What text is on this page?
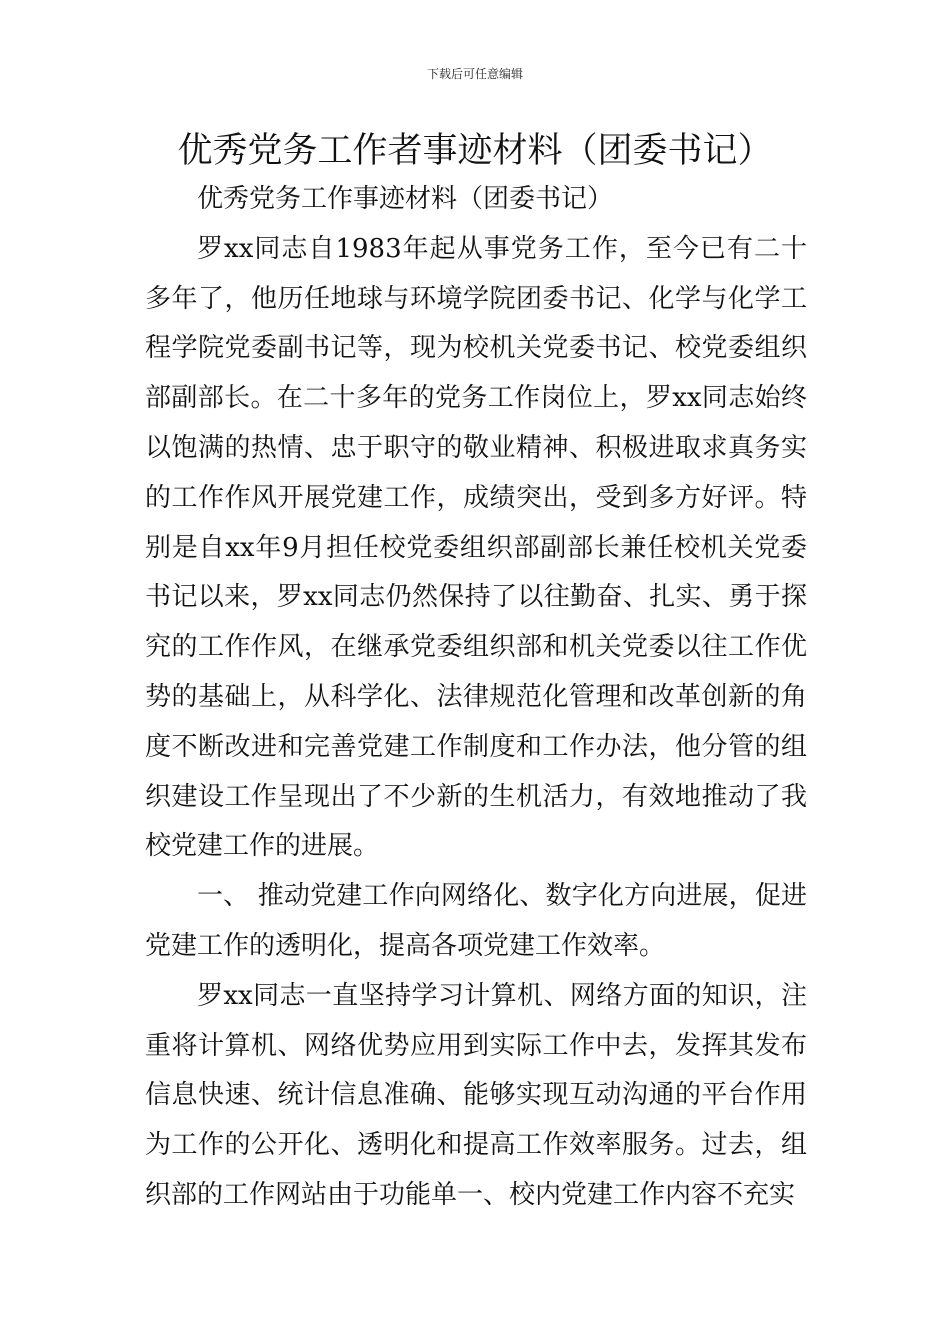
下载后可任意编辑
优秀党务工作者事迹材料（团委书记）

优秀党务工作事迹材料（团委书记）

罗xx同志自1983年起从事党务工作，至今已有二十多年了，他历任地球与环境学院团委书记、化学与化学工程学院党委副书记等，现为校机关党委书记、校党委组织部副部长。在二十多年的党务工作岗位上，罗xx同志始终以饱满的热情、忠于职守的敬业精神、积极进取求真务实的工作作风开展党建工作，成绩突出，受到多方好评。特别是自xx年9月担任校党委组织部副部长兼任校机关党委书记以来，罗xx同志仍然保持了以往勤奋、扎实、勇于探究的工作作风，在继承党委组织部和机关党委以往工作优势的基础上，从科学化、法律规范化管理和改革创新的角度不断改进和完善党建工作制度和工作办法，他分管的组织建设工作呈现出了不少新的生机活力，有效地推动了我校党建工作的进展。

一、 推动党建工作向网络化、数字化方向进展，促进党建工作的透明化，提高各项党建工作效率。

罗xx同志一直坚持学习计算机、网络方面的知识，注重将计算机、网络优势应用到实际工作中去，发挥其发布信息快速、统计信息准确、能够实现互动沟通的平台作用为工作的公开化、透明化和提高工作效率服务。过去，组织部的工作网站由于功能单一、校内党建工作内容不充实
